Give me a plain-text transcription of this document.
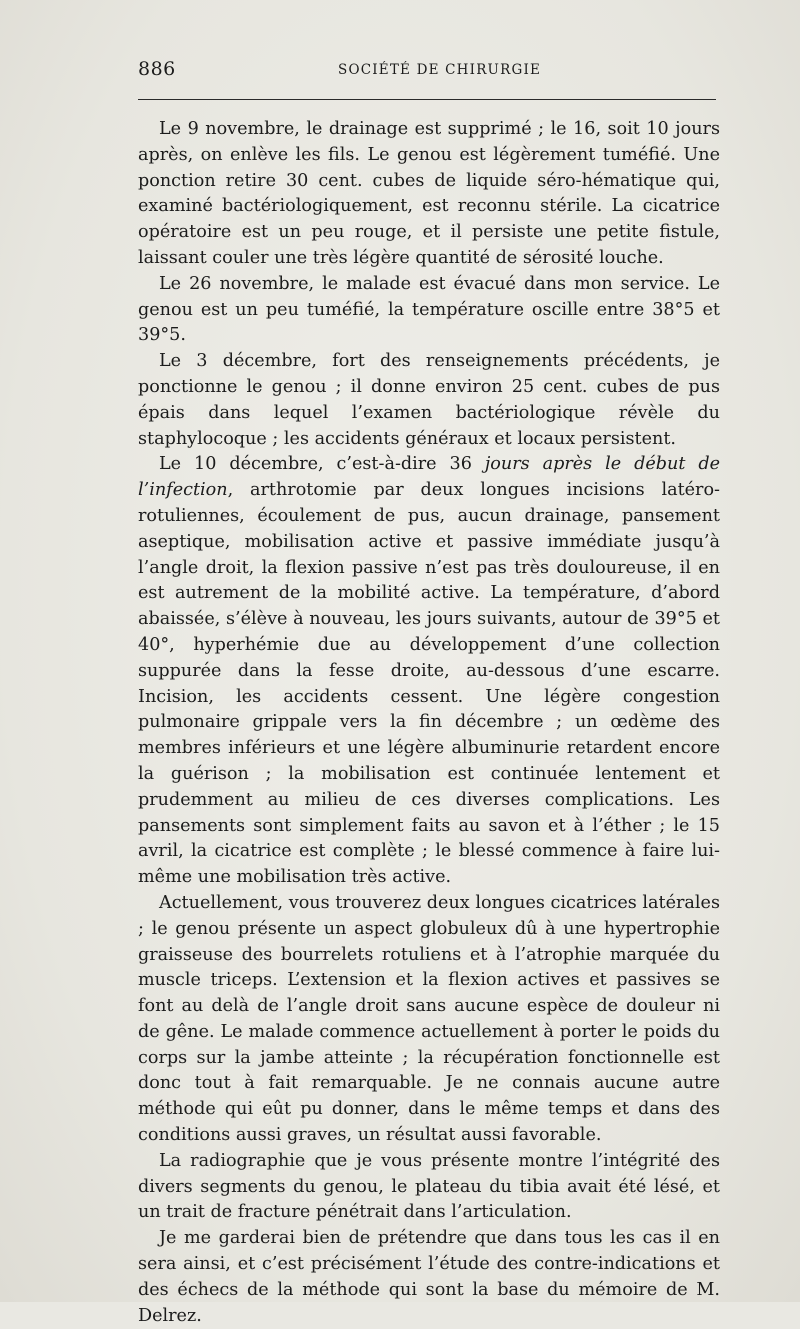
886	SOCIÉTÉ DE CHIRURGIE

Le 9 novembre, le drainage est supprimé ; le 16, soit 10 jours après, on enlève les fils. Le genou est légèrement tuméfié. Une ponction retire 30 cent. cubes de liquide séro-hématique qui, examiné bactériologiquement, est reconnu stérile. La cicatrice opératoire est un peu rouge, et il persiste une petite fistule, laissant couler une très légère quantité de sérosité louche.

Le 26 novembre, le malade est évacué dans mon service. Le genou est un peu tuméfié, la température oscille entre 38°5 et 39°5.

Le 3 décembre, fort des renseignements précédents, je ponctionne le genou ; il donne environ 25 cent. cubes de pus épais dans lequel l’examen bactériologique révèle du staphylocoque ; les accidents généraux et locaux persistent.

Le 10 décembre, c’est-à-dire 36 jours après le début de l’infection, arthrotomie par deux longues incisions latéro-rotuliennes, écoulement de pus, aucun drainage, pansement aseptique, mobilisation active et passive immédiate jusqu’à l’angle droit, la flexion passive n’est pas très douloureuse, il en est autrement de la mobilité active. La température, d’abord abaissée, s’élève à nouveau, les jours suivants, autour de 39°5 et 40°, hyperhémie due au développement d’une collection suppurée dans la fesse droite, au-dessous d’une escarre. Incision, les accidents cessent. Une légère congestion pulmonaire grippale vers la fin décembre ; un œdème des membres inférieurs et une légère albuminurie retardent encore la guérison ; la mobilisation est continuée lentement et prudemment au milieu de ces diverses complications. Les pansements sont simplement faits au savon et à l’éther ; le 15 avril, la cicatrice est complète ; le blessé commence à faire lui-même une mobilisation très active.

Actuellement, vous trouverez deux longues cicatrices latérales ; le genou présente un aspect globuleux dû à une hypertrophie graisseuse des bourrelets rotuliens et à l’atrophie marquée du muscle triceps. L’extension et la flexion actives et passives se font au delà de l’angle droit sans aucune espèce de douleur ni de gêne. Le malade commence actuellement à porter le poids du corps sur la jambe atteinte ; la récupération fonctionnelle est donc tout à fait remarquable. Je ne connais aucune autre méthode qui eût pu donner, dans le même temps et dans des conditions aussi graves, un résultat aussi favorable.

La radiographie que je vous présente montre l’intégrité des divers segments du genou, le plateau du tibia avait été lésé, et un trait de fracture pénétrait dans l’articulation.

Je me garderai bien de prétendre que dans tous les cas il en sera ainsi, et c’est précisément l’étude des contre-indications et des échecs de la méthode qui sont la base du mémoire de M. Delrez.
